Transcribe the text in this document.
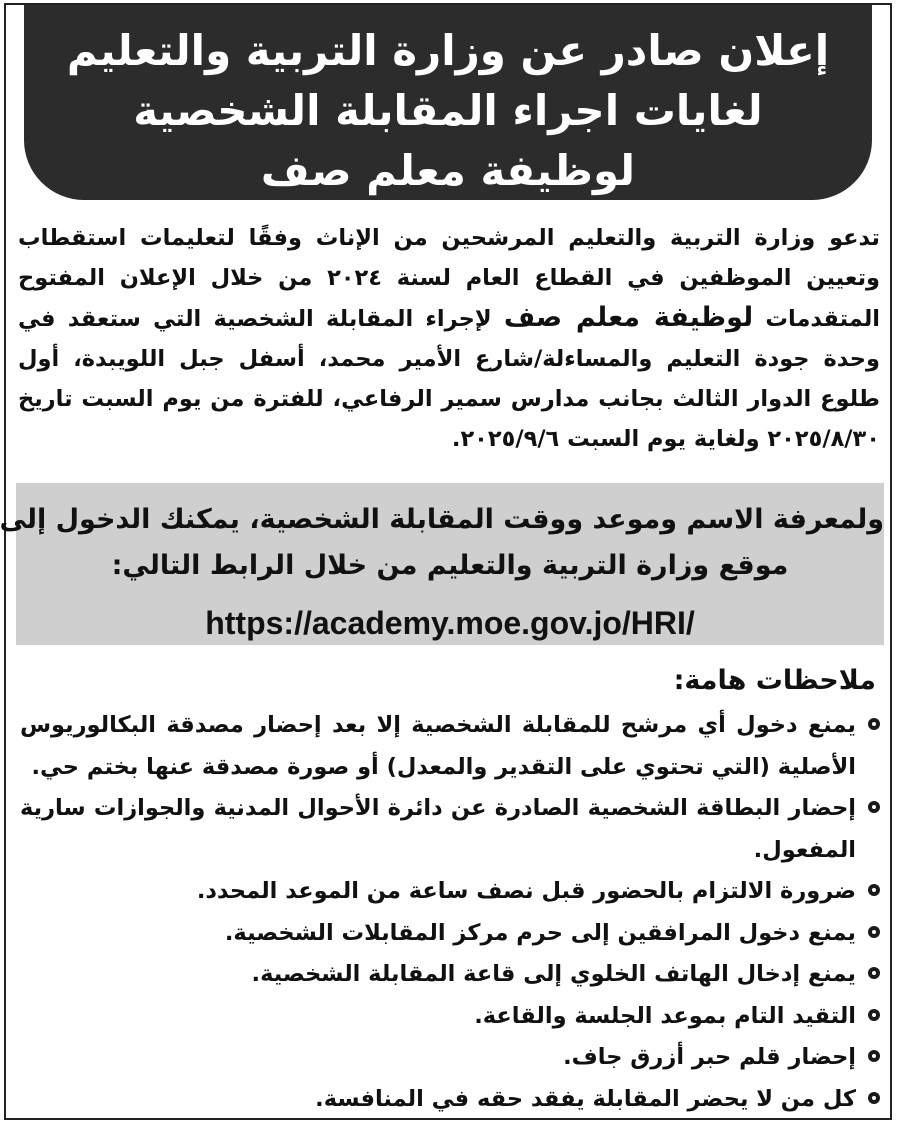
إعلان صادر عن وزارة التربية والتعليم
لغايات اجراء المقابلة الشخصية
لوظيفة معلم صف
تدعو وزارة التربية والتعليم المرشحين من الإناث وفقًا لتعليمات استقطاب وتعيين الموظفين في القطاع العام لسنة ٢٠٢٤ من خلال الإعلان المفتوح المتقدمات لوظيفة معلم صف لإجراء المقابلة الشخصية التي ستعقد في وحدة جودة التعليم والمساءلة/شارع الأمير محمد، أسفل جبل اللويبدة، أول طلوع الدوار الثالث بجانب مدارس سمير الرفاعي، للفترة من يوم السبت تاريخ ٢٠٢٥/٨/٣٠ ولغاية يوم السبت ٢٠٢٥/٩/٦.
ولمعرفة الاسم وموعد ووقت المقابلة الشخصية، يمكنك الدخول إلى
موقع وزارة التربية والتعليم من خلال الرابط التالي:
https://academy.moe.gov.jo/HRI/
ملاحظات هامة:
يمنع دخول أي مرشح للمقابلة الشخصية إلا بعد إحضار مصدقة البكالوريوس الأصلية (التي تحتوي على التقدير والمعدل) أو صورة مصدقة عنها بختم حي.
إحضار البطاقة الشخصية الصادرة عن دائرة الأحوال المدنية والجوازات سارية المفعول.
ضرورة الالتزام بالحضور قبل نصف ساعة من الموعد المحدد.
يمنع دخول المرافقين إلى حرم مركز المقابلات الشخصية.
يمنع إدخال الهاتف الخلوي إلى قاعة المقابلة الشخصية.
التقيد التام بموعد الجلسة والقاعة.
إحضار قلم حبر أزرق جاف.
كل من لا يحضر المقابلة يفقد حقه في المنافسة.
